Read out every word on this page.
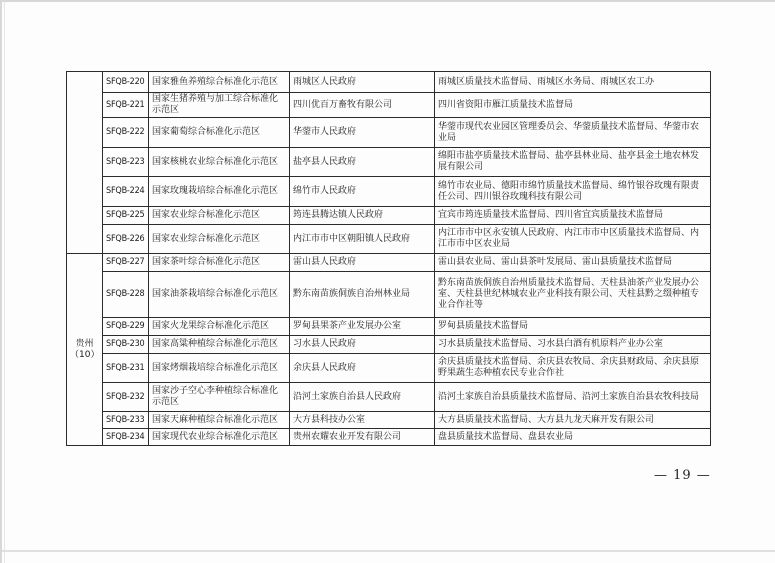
	SFQB-220	国家雅鱼养殖综合标准化示范区	雨城区人民政府	雨城区质量技术监督局、雨城区水务局、雨城区农工办
	SFQB-221	国家生猪养殖与加工综合标准化示范区	四川优百万畜牧有限公司	四川省资阳市雁江质量技术监督局
	SFQB-222	国家葡萄综合标准化示范区	华蓥市人民政府	华蓥市现代农业园区管理委员会、华蓥质量技术监督局、华蓥市农业局
	SFQB-223	国家核桃农业综合标准化示范区	盐亭县人民政府	绵阳市盐亭质量技术监督局、盐亭县林业局、盐亭县金土地农林发展有限公司
	SFQB-224	国家玫瑰栽培综合标准化示范区	绵竹市人民政府	绵竹市农业局、德阳市绵竹质量技术监督局、绵竹银谷玫瑰有限责任公司、四川银谷玫瑰科技有限公司
	SFQB-225	国家农业综合标准化示范区	筠连县腾达镇人民政府	宜宾市筠连质量技术监督局、四川省宜宾质量技术监督局
	SFQB-226	国家农业综合标准化示范区	内江市市中区朝阳镇人民政府	内江市市中区永安镇人民政府、内江市市中区质量技术监督局、内江市市中区农业局
贵州（10）	SFQB-227	国家茶叶综合标准化示范区	雷山县人民政府	雷山县农业局、雷山县茶叶发展局、雷山县质量技术监督局
	SFQB-228	国家油茶栽培综合标准化示范区	黔东南苗族侗族自治州林业局	黔东南苗族侗族自治州质量技术监督局、天柱县油茶产业发展办公室、天柱县世纪林城农业产业科技有限公司、天柱县黔之缀种植专业合作社等
	SFQB-229	国家火龙果综合标准化示范区	罗甸县果茶产业发展办公室	罗甸县质量技术监督局
	SFQB-230	国家高粱种植综合标准化示范区	习水县人民政府	习水县质量技术监督局、习水县白酒有机原料产业办公室
	SFQB-231	国家烤烟栽培综合标准化示范区	余庆县人民政府	余庆县质量技术监督局、余庆县农牧局、余庆县财政局、余庆县原野果蔬生态种植农民专业合作社
	SFQB-232	国家沙子空心李种植综合标准化示范区	沿河土家族自治县人民政府	沿河土家族自治县质量技术监督局、沿河土家族自治县农牧科技局
	SFQB-233	国家天麻种植综合标准化示范区	大方县科技办公室	大方县质量技术监督局、大方县九龙天麻开发有限公司
	SFQB-234	国家现代农业综合标准化示范区	贵州农耀农业开发有限公司	盘县质量技术监督局、盘县农业局
— 19 —
